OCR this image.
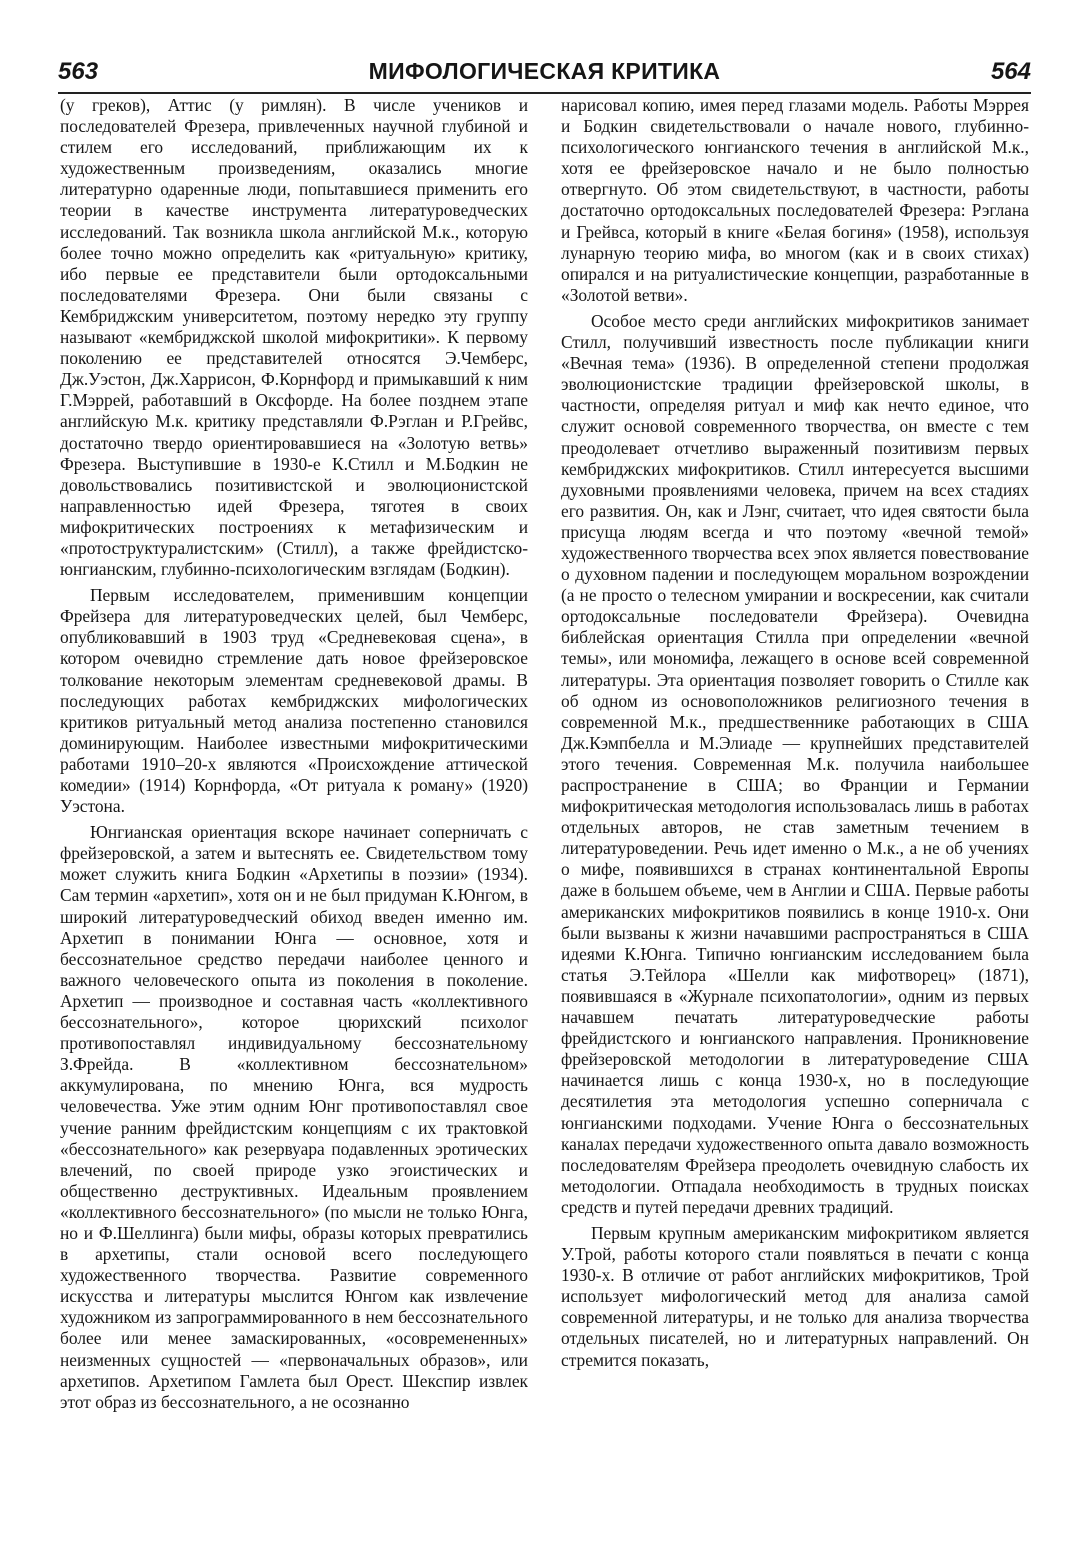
563	МИФОЛОГИЧЕСКАЯ КРИТИКА	564

(у греков), Аттис (у римлян). В числе учеников и последователей Фрезера, привлеченных научной глубиной и стилем его исследований, приближающим их к художественным произведениям, оказались многие литературно одаренные люди, попытавшиеся применить его теории в качестве инструмента литературоведческих исследований. Так возникла школа английской М.к., которую более точно можно определить как «ритуальную» критику, ибо первые ее представители были ортодоксальными последователями Фрезера. Они были связаны с Кембриджским университетом, поэтому нередко эту группу называют «кембриджской школой мифокритики». К первому поколению ее представителей относятся Э.Чемберс, Дж.Уэстон, Дж.Харрисон, Ф.Корнфорд и примыкавший к ним Г.Мэррей, работавший в Оксфорде. На более позднем этапе английскую М.к. критику представляли Ф.Рэглан и Р.Грейвс, достаточно твердо ориентировавшиеся на «Золотую ветвь» Фрезера. Выступившие в 1930-е К.Стилл и М.Бодкин не довольствовались позитивистской и эволюционистской направленностью идей Фрезера, тяготея в своих мифокритических построениях к метафизическим и «протоструктуралистским» (Стилл), а также фрейдистско-юнгианским, глубинно-психологическим взглядам (Бодкин).

Первым исследователем, применившим концепции Фрейзера для литературоведческих целей, был Чемберс, опубликовавший в 1903 труд «Средневековая сцена», в котором очевидно стремление дать новое фрейзеровское толкование некоторым элементам средневековой драмы. В последующих работах кембриджских мифологических критиков ритуальный метод анализа постепенно становился доминирующим. Наиболее известными мифокритическими работами 1910–20-х являются «Происхождение аттической комедии» (1914) Корнфорда, «От ритуала к роману» (1920) Уэстона.

Юнгианская ориентация вскоре начинает соперничать с фрейзеровской, а затем и вытеснять ее. Свидетельством тому может служить книга Бодкин «Архетипы в поэзии» (1934). Сам термин «архетип», хотя он и не был придуман К.Юнгом, в широкий литературоведческий обиход введен именно им. Архетип в понимании Юнга — основное, хотя и бессознательное средство передачи наиболее ценного и важного человеческого опыта из поколения в поколение. Архетип — производное и составная часть «коллективного бессознательного», которое цюрихский психолог противопоставлял индивидуальному бессознательному З.Фрейда. В «коллективном бессознательном» аккумулирована, по мнению Юнга, вся мудрость человечества. Уже этим одним Юнг противопоставлял свое учение ранним фрейдистским концепциям с их трактовкой «бессознательного» как резервуара подавленных эротических влечений, по своей природе узко эгоистических и общественно деструктивных. Идеальным проявлением «коллективного бессознательного» (по мысли не только Юнга, но и Ф.Шеллинга) были мифы, образы которых превратились в архетипы, стали основой всего последующего художественного творчества. Развитие современного искусства и литературы мыслится Юнгом как извлечение художником из запрограммированного в нем бессознательного более или менее замаскированных, «осовремененных» неизменных сущностей — «первоначальных образов», или архетипов. Архетипом Гамлета был Орест. Шекспир извлек этот образ из бессознательного, а не осознанно

нарисовал копию, имея перед глазами модель. Работы Мэррея и Бодкин свидетельствовали о начале нового, глубинно-психологического юнгианского течения в английской М.к., хотя ее фрейзеровское начало и не было полностью отвергнуто. Об этом свидетельствуют, в частности, работы достаточно ортодоксальных последователей Фрезера: Рэглана и Грейвса, который в книге «Белая богиня» (1958), используя лунарную теорию мифа, во многом (как и в своих стихах) опирался и на ритуалистические концепции, разработанные в «Золотой ветви».

Особое место среди английских мифокритиков занимает Стилл, получивший известность после публикации книги «Вечная тема» (1936). В определенной степени продолжая эволюционистские традиции фрейзеровской школы, в частности, определяя ритуал и миф как нечто единое, что служит основой современного творчества, он вместе с тем преодолевает отчетливо выраженный позитивизм первых кембриджских мифокритиков. Стилл интересуется высшими духовными проявлениями человека, причем на всех стадиях его развития. Он, как и Лэнг, считает, что идея святости была присуща людям всегда и что поэтому «вечной темой» художественного творчества всех эпох является повествование о духовном падении и последующем моральном возрождении (а не просто о телесном умирании и воскресении, как считали ортодоксальные последователи Фрейзера). Очевидна библейская ориентация Стилла при определении «вечной темы», или мономифа, лежащего в основе всей современной литературы. Эта ориентация позволяет говорить о Стилле как об одном из основоположников религиозного течения в современной М.к., предшественнике работающих в США Дж.Кэмпбелла и М.Элиаде — крупнейших представителей этого течения. Современная М.к. получила наибольшее распространение в США; во Франции и Германии мифокритическая методология использовалась лишь в работах отдельных авторов, не став заметным течением в литературоведении. Речь идет именно о М.к., а не об учениях о мифе, появившихся в странах континентальной Европы даже в большем объеме, чем в Англии и США. Первые работы американских мифокритиков появились в конце 1910-х. Они были вызваны к жизни начавшими распространяться в США идеями К.Юнга. Типично юнгианским исследованием была статья Э.Тейлора «Шелли как мифотворец» (1871), появившаяся в «Журнале психопатологии», одним из первых начавшем печатать литературоведческие работы фрейдистского и юнгианского направления. Проникновение фрейзеровской методологии в литературоведение США начинается лишь с конца 1930-х, но в последующие десятилетия эта методология успешно соперничала с юнгианскими подходами. Учение Юнга о бессознательных каналах передачи художественного опыта давало возможность последователям Фрейзера преодолеть очевидную слабость их методологии. Отпадала необходимость в трудных поисках средств и путей передачи древних традиций.

Первым крупным американским мифокритиком является У.Трой, работы которого стали появляться в печати с конца 1930-х. В отличие от работ английских мифокритиков, Трой использует мифологический метод для анализа самой современной литературы, и не только для анализа творчества отдельных писателей, но и литературных направлений. Он стремится показать,
